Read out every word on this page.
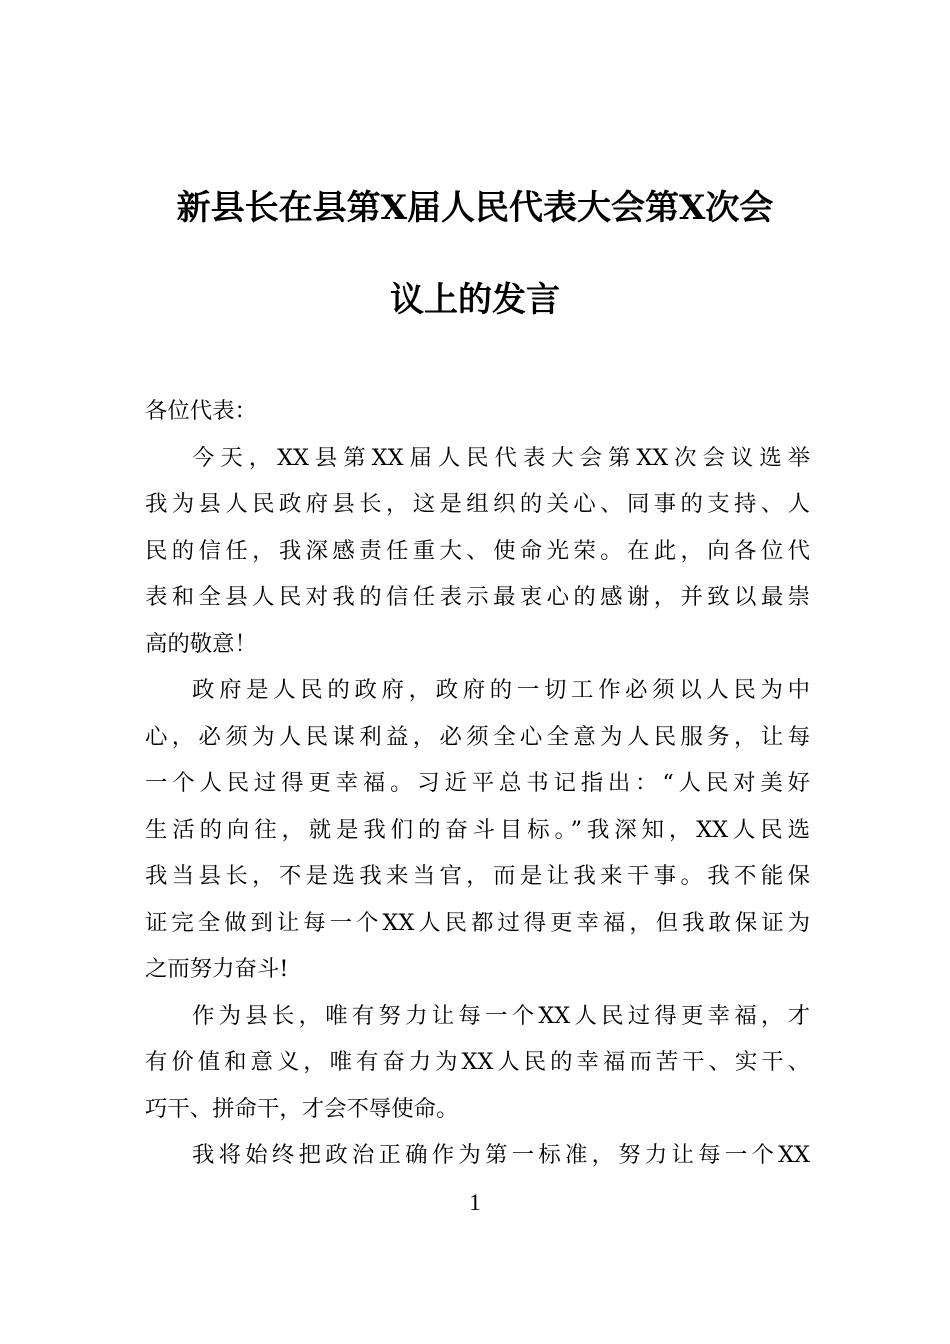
新县长在县第Ⅹ届人民代表大会第Ⅹ次会
议上的发言
各位代表：
今天，XX县第XX届人民代表大会第XX次会议选举
我为县人民政府县长，这是组织的关心、同事的支持、人
民的信任，我深感责任重大、使命光荣。在此，向各位代
表和全县人民对我的信任表示最衷心的感谢，并致以最崇
高的敬意！
政府是人民的政府，政府的一切工作必须以人民为中
心，必须为人民谋利益，必须全心全意为人民服务，让每
一个人民过得更幸福。习近平总书记指出：“人民对美好
生活的向往，就是我们的奋斗目标。”我深知，XX人民选
我当县长，不是选我来当官，而是让我来干事。我不能保
证完全做到让每一个XX人民都过得更幸福，但我敢保证为
之而努力奋斗!
作为县长，唯有努力让每一个XX人民过得更幸福，才
有价值和意义，唯有奋力为XX人民的幸福而苦干、实干、
巧干、拼命干，才会不辱使命。
我将始终把政治正确作为第一标准，努力让每一个XX
1
